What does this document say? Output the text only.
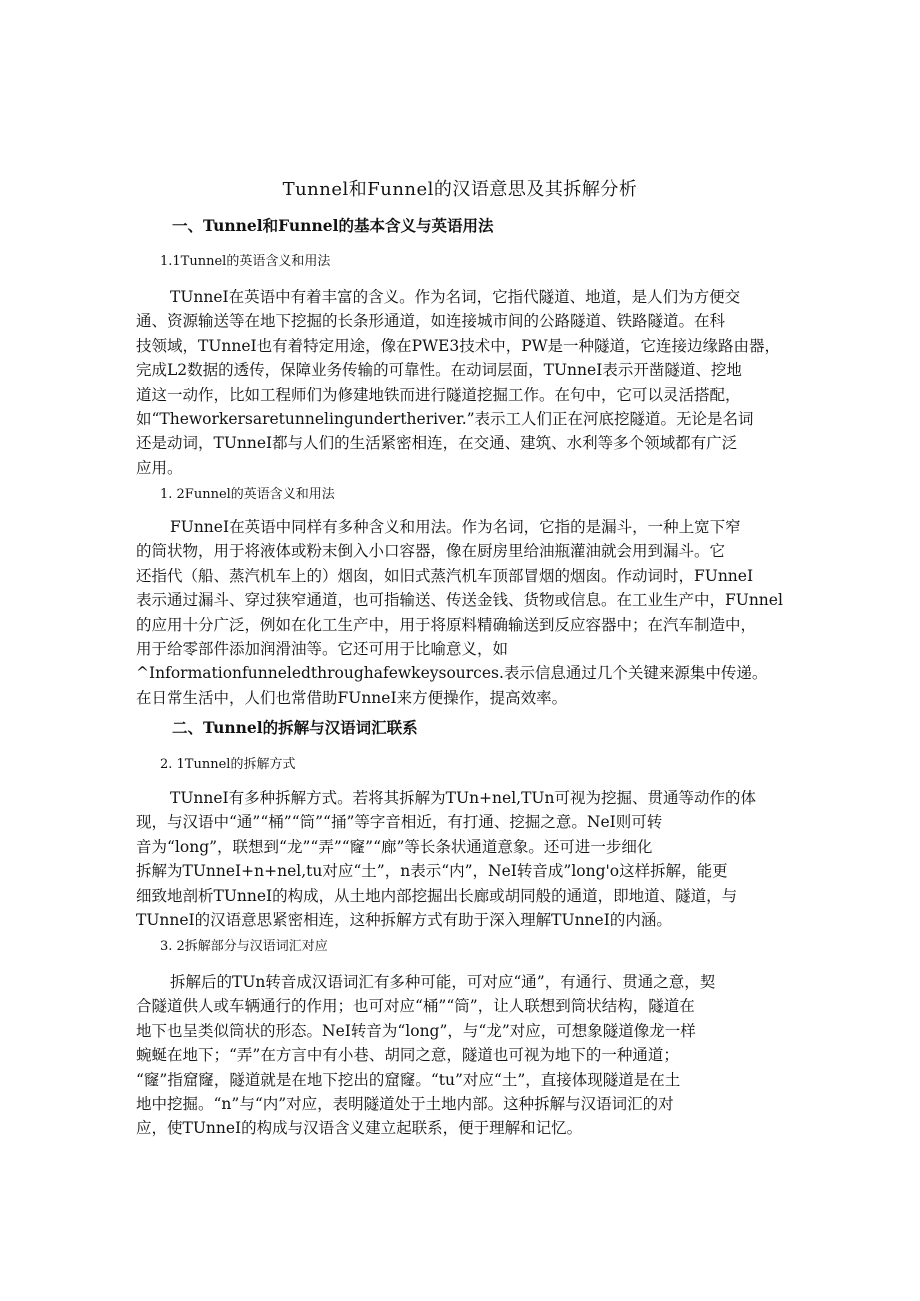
Tunnel和Funnel的汉语意思及其拆解分析
一、Tunnel和Funnel的基本含义与英语用法
1.1Tunnel的英语含义和用法
TUnneI在英语中有着丰富的含义。作为名词，它指代隧道、地道，是人们为方便交
通、资源输送等在地下挖掘的长条形通道，如连接城市间的公路隧道、铁路隧道。在科
技领域，TUnneI也有着特定用途，像在PWE3技术中，PW是一种隧道，它连接边缘路由器，
完成L2数据的透传，保障业务传输的可靠性。在动词层面，TUnneI表示开凿隧道、挖地
道这一动作，比如工程师们为修建地铁而进行隧道挖掘工作。在句中，它可以灵活搭配，
如“Theworkersaretunnelingundertheriver.”表示工人们正在河底挖隧道。无论是名词
还是动词，TUnneI都与人们的生活紧密相连，在交通、建筑、水利等多个领域都有广泛
应用。
1. 2Funnel的英语含义和用法
FUnneI在英语中同样有多种含义和用法。作为名词，它指的是漏斗，一种上宽下窄
的筒状物，用于将液体或粉末倒入小口容器，像在厨房里给油瓶灌油就会用到漏斗。它
还指代（船、蒸汽机车上的）烟囱，如旧式蒸汽机车顶部冒烟的烟囱。作动词时，FUnneI
表示通过漏斗、穿过狭窄通道，也可指输送、传送金钱、货物或信息。在工业生产中，FUnnel
的应用十分广泛，例如在化工生产中，用于将原料精确输送到反应容器中；在汽车制造中，
用于给零部件添加润滑油等。它还可用于比喻意义，如
^Informationfunneledthroughafewkeysources.表示信息通过几个关键来源集中传递。
在日常生活中，人们也常借助FUnneI来方便操作，提高效率。
二、Tunnel的拆解与汉语词汇联系
2. 1Tunnel的拆解方式
TUnneI有多种拆解方式。若将其拆解为TUn+nel,TUn可视为挖掘、贯通等动作的体
现，与汉语中“通”“桶”“筒”“捅”等字音相近，有打通、挖掘之意。NeI则可转
音为“long”，联想到“龙”“弄”“窿”“廊”等长条状通道意象。还可进一步细化
拆解为TUnneI+n+nel,tu对应“土”，n表示“内”，NeI转音成”long'o这样拆解，能更
细致地剖析TUnneI的构成，从土地内部挖掘出长廊或胡同般的通道，即地道、隧道，与
TUnneI的汉语意思紧密相连，这种拆解方式有助于深入理解TUnneI的内涵。
3. 2拆解部分与汉语词汇对应
拆解后的TUn转音成汉语词汇有多种可能，可对应“通”，有通行、贯通之意，契
合隧道供人或车辆通行的作用；也可对应“桶”“筒”，让人联想到筒状结构，隧道在
地下也呈类似筒状的形态。NeI转音为“long”，与“龙”对应，可想象隧道像龙一样
蜿蜒在地下；“弄”在方言中有小巷、胡同之意，隧道也可视为地下的一种通道；
“窿”指窟窿，隧道就是在地下挖出的窟窿。“tu”对应“土”，直接体现隧道是在土
地中挖掘。“n”与“内”对应，表明隧道处于土地内部。这种拆解与汉语词汇的对
应，使TUnneI的构成与汉语含义建立起联系，便于理解和记忆。
